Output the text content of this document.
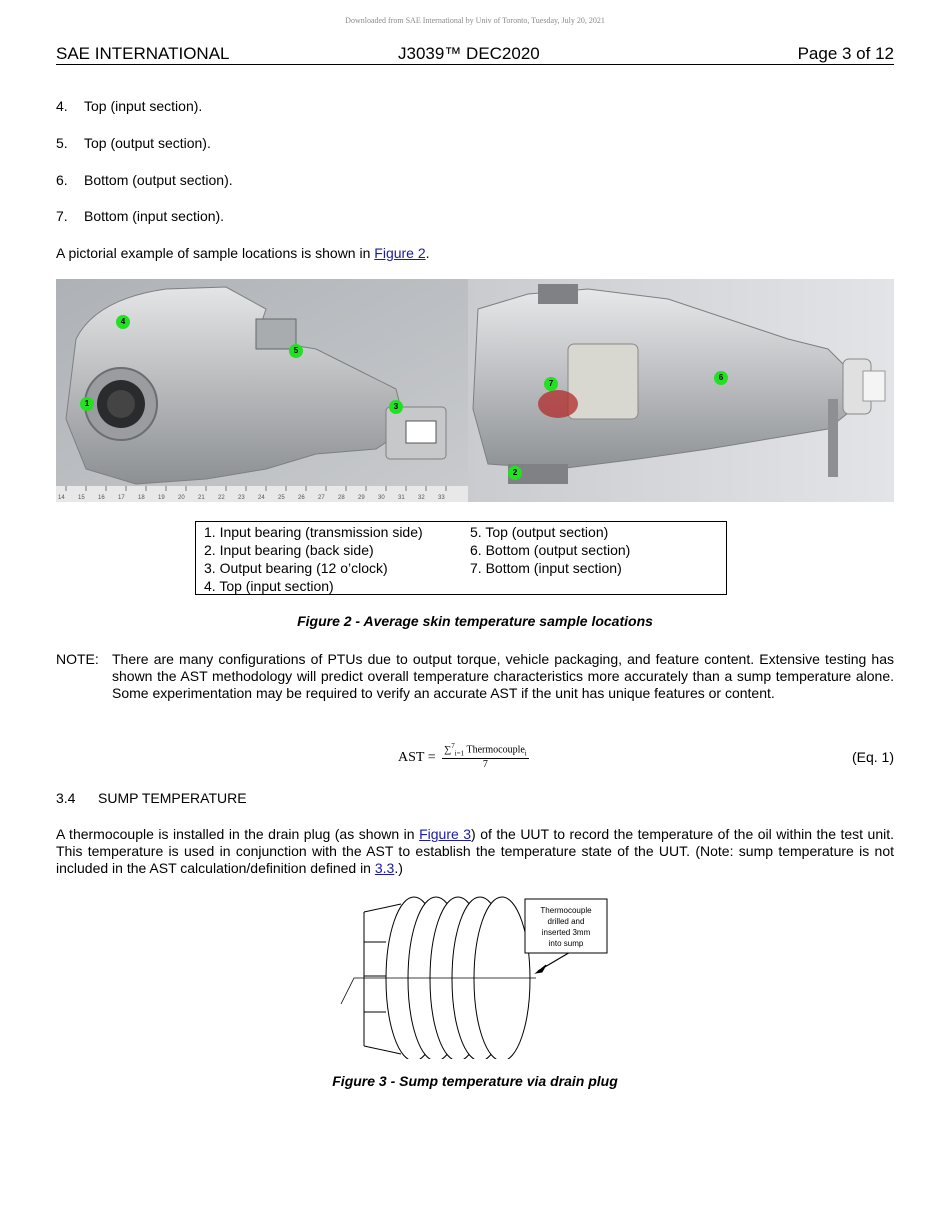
Downloaded from SAE International by Univ of Toronto, Tuesday, July 20, 2021
SAE INTERNATIONAL	J3039™ DEC2020	Page 3 of 12
4. Top (input section).
5. Top (output section).
6. Bottom (output section).
7. Bottom (input section).
A pictorial example of sample locations is shown in Figure 2.
14 15 16 17 18 19 20 21 22 23 24 25 26 27 28 29 30 31 32 33
4
5
1	3
7
6
2
1. Input bearing (transmission side)
2. Input bearing (back side)
3. Output bearing (12 o’clock)
4. Top (input section)
5. Top (output section)
6. Bottom (output section)
7. Bottom (input section)
Figure 2 - Average skin temperature sample locations
NOTE: There are many configurations of PTUs due to output torque, vehicle packaging, and feature content. Extensive testing has shown the AST methodology will predict overall temperature characteristics more accurately than a sump temperature alone. Some experimentation may be required to verify an accurate AST if the unit has unique features or content.
AST =
∑$^7_{i=1}$ Thermocouple$_i$
7	(Eq. 1)
3.4 SUMP TEMPERATURE
A thermocouple is installed in the drain plug (as shown in Figure 3) of the UUT to record the temperature of the oil within the test unit. This temperature is used in conjunction with the AST to establish the temperature state of the UUT. (Note: sump temperature is not included in the AST calculation/definition defined in 3.3.)
Thermocouple
drilled and
inserted 3mm
into sump
Figure 3 - Sump temperature via drain plug
